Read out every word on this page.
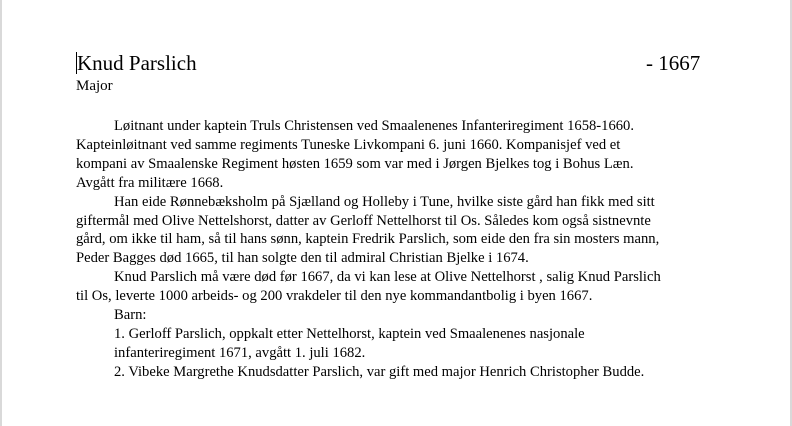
Knud Parslich	- 1667
Major

Løitnant under kaptein Truls Christensen ved Smaalenenes Infanteriregiment 1658-1660.
Kapteinløitnant ved samme regiments Tuneske Livkompani 6. juni 1660. Kompanisjef ved et
kompani av Smaalenske Regiment høsten 1659 som var med i Jørgen Bjelkes tog i Bohus Læn.
Avgått fra militære 1668.

Han eide Rønnebæksholm på Sjælland og Holleby i Tune, hvilke siste gård han fikk med sitt
giftermål med Olive Nettelshorst, datter av Gerloff Nettelhorst til Os. Således kom også sistnevnte
gård, om ikke til ham, så til hans sønn, kaptein Fredrik Parslich, som eide den fra sin mosters mann,
Peder Bagges død 1665, til han solgte den til admiral Christian Bjelke i 1674.

Knud Parslich må være død før 1667, da vi kan lese at Olive Nettelhorst , salig Knud Parslich
til Os, leverte 1000 arbeids- og 200 vrakdeler til den nye kommandantbolig i byen 1667.

Barn:

1. Gerloff Parslich, oppkalt etter Nettelhorst, kaptein ved Smaalenenes nasjonale
infanteriregiment 1671, avgått 1. juli 1682.
2. Vibeke Margrethe Knudsdatter Parslich, var gift med major Henrich Christopher Budde.
